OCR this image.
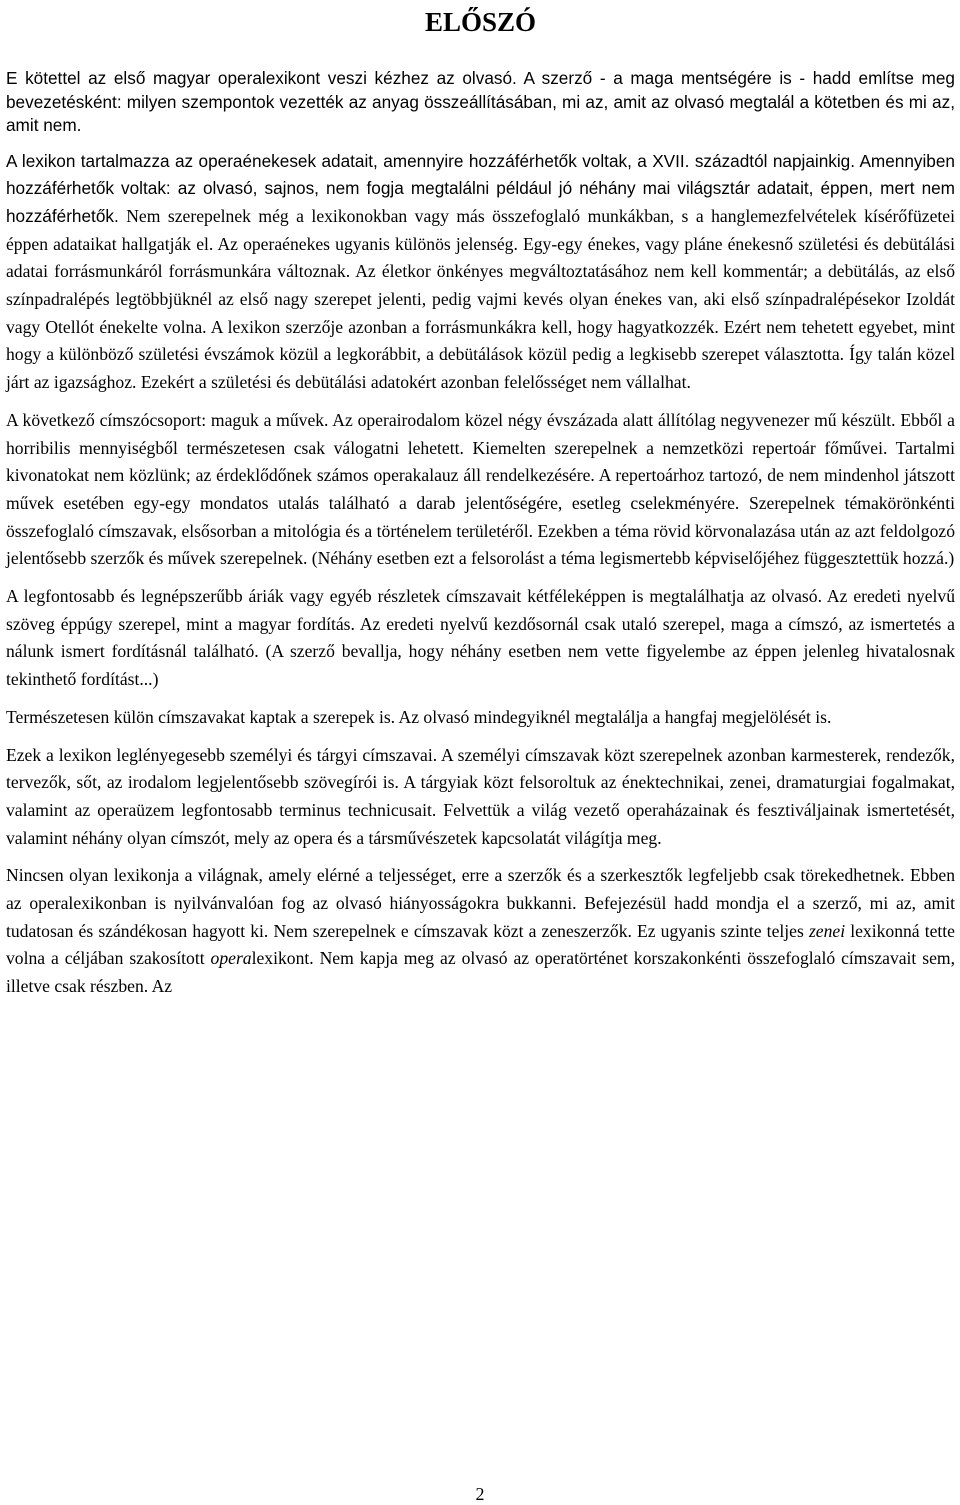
ELŐSZÓ

E kötettel az első magyar operalexikont veszi kézhez az olvasó. A szerző - a maga mentségére is - hadd említse meg bevezetésként: milyen szempontok vezették az anyag összeállításában, mi az, amit az olvasó megtalál a kötetben és mi az, amit nem.

A lexikon tartalmazza az operaénekesek adatait, amennyire hozzáférhetők voltak, a XVII. századtól napjainkig. Amennyiben hozzáférhetők voltak: az olvasó, sajnos, nem fogja megtalálni például jó néhány mai világsztár adatait, éppen, mert nem hozzáférhetők. Nem szerepelnek még a lexikonokban vagy más összefoglaló munkákban, s a hanglemezfelvételek kísérőfüzetei éppen adataikat hallgatják el. Az operaénekes ugyanis különös jelenség. Egy-egy énekes, vagy pláne énekesnő születési és debütálási adatai forrásmunkáról forrásmunkára változnak. Az életkor önkényes megváltoztatásához nem kell kommentár; a debütálás, az első színpadralépés legtöbbjüknél az első nagy szerepet jelenti, pedig vajmi kevés olyan énekes van, aki első színpadralépésekor Izoldát vagy Otellót énekelte volna. A lexikon szerzője azonban a forrásmunkákra kell, hogy hagyatkozzék. Ezért nem tehetett egyebet, mint hogy a különböző születési évszámok közül a legkorábbit, a debütálások közül pedig a legkisebb szerepet választotta. Így talán közel járt az igazsághoz. Ezekért a születési és debütálási adatokért azonban felelősséget nem vállalhat.

A következő címszócsoport: maguk a művek. Az operairodalom közel négy évszázada alatt állítólag negyvenezer mű készült. Ebből a horribilis mennyiségből természetesen csak válogatni lehetett. Kiemelten szerepelnek a nemzetközi repertoár főművei. Tartalmi kivonatokat nem közlünk; az érdeklődőnek számos operakalauz áll rendelkezésére. A repertoárhoz tartozó, de nem mindenhol játszott művek esetében egy-egy mondatos utalás található a darab jelentőségére, esetleg cselekményére. Szerepelnek témakörönkénti összefoglaló címszavak, elsősorban a mitológia és a történelem területéről. Ezekben a téma rövid körvonalazása után az azt feldolgozó jelentősebb szerzők és művek szerepelnek. (Néhány esetben ezt a felsorolást a téma legismertebb képviselőjéhez függesztettük hozzá.)

A legfontosabb és legnépszerűbb áriák vagy egyéb részletek címszavait kétféleképpen is megtalálhatja az olvasó. Az eredeti nyelvű szöveg éppúgy szerepel, mint a magyar fordítás. Az eredeti nyelvű kezdősornál csak utaló szerepel, maga a címszó, az ismertetés a nálunk ismert fordításnál található. (A szerző bevallja, hogy néhány esetben nem vette figyelembe az éppen jelenleg hivatalosnak tekinthető fordítást...)

Természetesen külön címszavakat kaptak a szerepek is. Az olvasó mindegyiknél megtalálja a hangfaj megjelölését is.

Ezek a lexikon leglényegesebb személyi és tárgyi címszavai. A személyi címszavak közt szerepelnek azonban karmesterek, rendezők, tervezők, sőt, az irodalom legjelentősebb szövegírói is. A tárgyiak közt felsoroltuk az énektechnikai, zenei, dramaturgiai fogalmakat, valamint az operaüzem legfontosabb terminus technicusait. Felvettük a világ vezető operaházainak és fesztiváljainak ismertetését, valamint néhány olyan címszót, mely az opera és a társművészetek kapcsolatát világítja meg.

Nincsen olyan lexikonja a világnak, amely elérné a teljességet, erre a szerzők és a szerkesztők legfeljebb csak törekedhetnek. Ebben az operalexikonban is nyilvánvalóan fog az olvasó hiányosságokra bukkanni. Befejezésül hadd mondja el a szerző, mi az, amit tudatosan és szándékosan hagyott ki. Nem szerepelnek e címszavak közt a zeneszerzők. Ez ugyanis szinte teljes zenei lexikonná tette volna a céljában szakosított operalexikont. Nem kapja meg az olvasó az operatörténet korszakonkénti összefoglaló címszavait sem, illetve csak részben. Az

2
